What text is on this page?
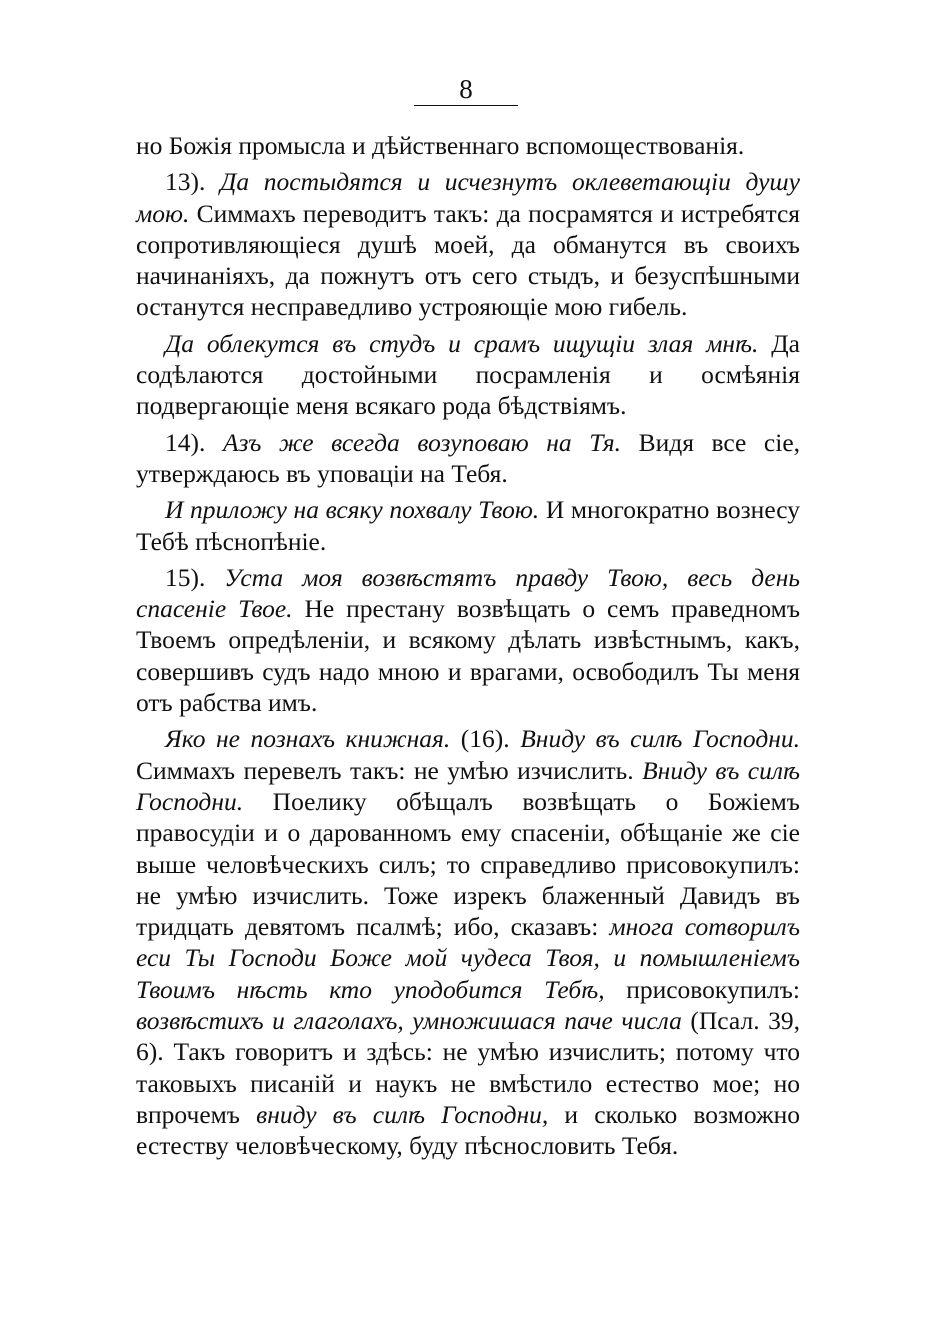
8

но Божія промысла и дѣйственнаго вспомоществованія.

13). Да постыдятся и исчезнутъ оклеветающіи душу мою. Симмахъ переводитъ такъ: да посрамятся и истребятся сопротивляющіеся душѣ моей, да обманутся въ своихъ начинаніяхъ, да пожнутъ отъ сего стыдъ, и безуспѣшными останутся несправедливо устрояющіе мою гибель.

Да облекутся въ студъ и срамъ ищущіи злая мнѣ. Да содѣлаются достойными посрамленія и осмѣянія подвергающіе меня всякаго рода бѣдствіямъ.

14). Азъ же всегда возуповаю на Тя. Видя все сіе, утверждаюсь въ уповаціи на Тебя.

И приложу на всяку похвалу Твою. И многократно вознесу Тебѣ пѣснопѣніе.

15). Уста моя возвѣстятъ правду Твою, весь день спасеніе Твое. Не престану возвѣщать о семъ праведномъ Твоемъ опредѣленіи, и всякому дѣлать извѣстнымъ, какъ, совершивъ судъ надо мною и врагами, освободилъ Ты меня отъ рабства имъ.

Яко не познахъ книжная. (16). Вниду въ силѣ Господни. Симмахъ перевелъ такъ: не умѣю изчислить. Вниду въ силѣ Господни. Поелику обѣщалъ возвѣщать о Божіемъ правосудіи и о дарованномъ ему спасеніи, обѣщаніе же сіе выше человѣческихъ силъ; то справедливо присовокупилъ: не умѣю изчислить. Тоже изрекъ блаженный Давидъ въ тридцать девятомъ псалмѣ; ибо, сказавъ: многа сотворилъ еси Ты Господи Боже мой чудеса Твоя, и помышленіемъ Твоимъ нѣсть кто уподобится Тебѣ, присовокупилъ: возвѣстихъ и глаголахъ, умножишася паче числа (Псал. 39, 6). Такъ говоритъ и здѣсь: не умѣю изчислить; потому что таковыхъ писаній и наукъ не вмѣстило естество мое; но впрочемъ вниду въ силѣ Господни, и сколько возможно естеству человѣческому, буду пѣснословить Тебя.
